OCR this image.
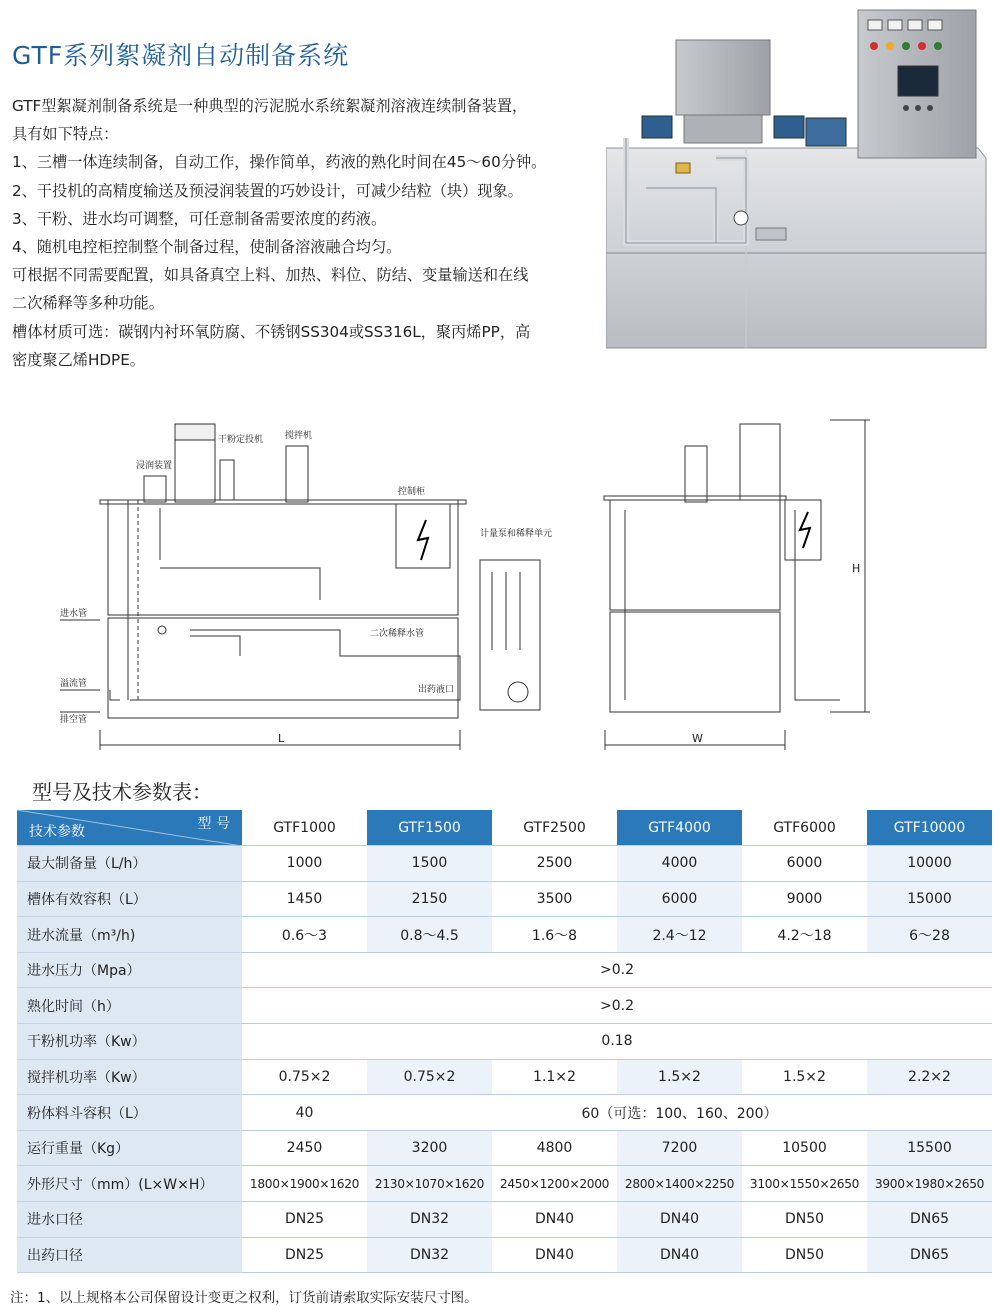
GTF系列絮凝剂自动制备系统

GTF型絮凝剂制备系统是一种典型的污泥脱水系统絮凝剂溶液连续制备装置，

具有如下特点：

1、三槽一体连续制备，自动工作，操作简单，药液的熟化时间在45～60分钟。

2、干投机的高精度输送及预浸润装置的巧妙设计，可减少结粒（块）现象。

3、干粉、进水均可调整，可任意制备需要浓度的药液。

4、随机电控柜控制整个制备过程，使制备溶液融合均匀。

可根据不同需要配置，如具备真空上料、加热、料位、防结、变量输送和在线

二次稀释等多种功能。

槽体材质可选：碳钢内衬环氧防腐、不锈钢SS304或SS316L，聚丙烯PP，高

密度聚乙烯HDPE。

干粉定投机
浸润装置
搅拌机
控制柜
计量泵和稀释单元
进水管
溢流管
排空管
二次稀释水管
出药液口
L	W
H
型号及技术参数表：
技术参数
型 号	GTF1000	GTF1500	GTF2500	GTF4000	GTF6000	GTF10000
最大制备量（L/h）	1000	1500	2500	4000	6000	10000
槽体有效容积（L）	1450	2150	3500	6000	9000	15000
进水流量（m³/h)	0.6～3	0.8～4.5	1.6～8	2.4～12	4.2～18	6～28
进水压力（Mpa）	>0.2					
熟化时间（h）	>0.2					
干粉机功率（Kw）	0.18					
搅拌机功率（Kw）	0.75×2	0.75×2	1.1×2	1.5×2	1.5×2	2.2×2
粉体料斗容积（L）	40	60（可选：100、160、200）				
运行重量（Kg）	2450	3200	4800	7200	10500	15500
外形尺寸（mm）(L×W×H）	1800×1900×1620	2130×1070×1620	2450×1200×2000	2800×1400×2250	3100×1550×2650	3900×1980×2650
进水口径	DN25	DN32	DN40	DN40	DN50	DN65
出药口径	DN25	DN32	DN40	DN40	DN50	DN65
注：1、以上规格本公司保留设计变更之权利，订货前请索取实际安装尺寸图。
